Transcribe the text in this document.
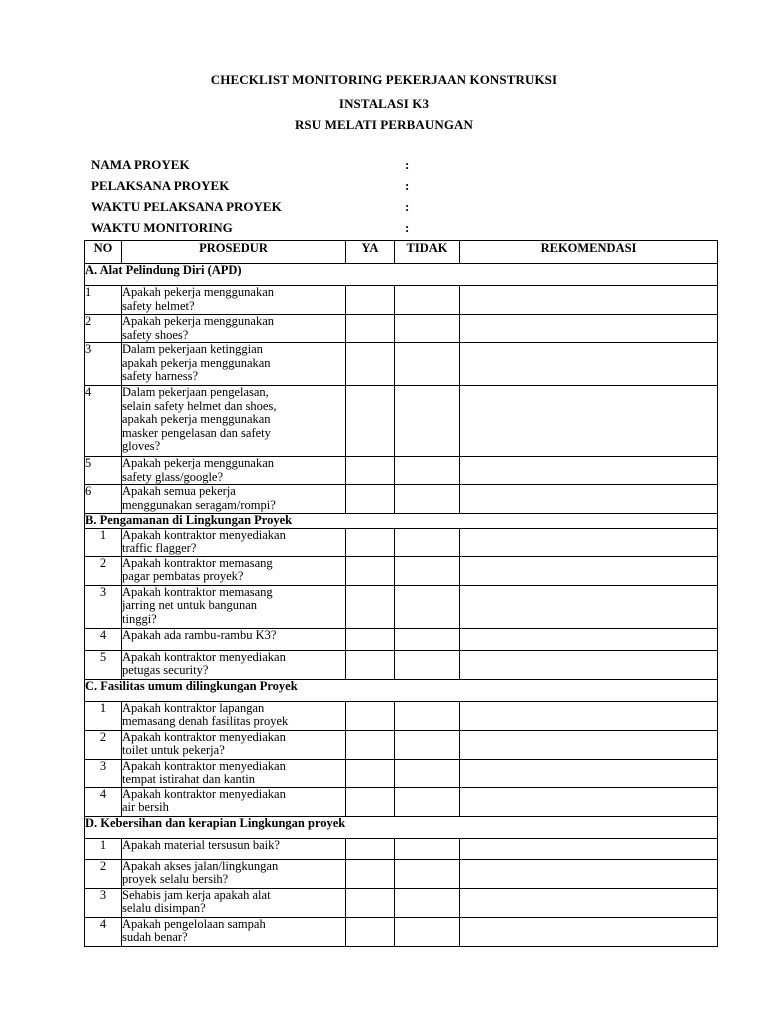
CHECKLIST MONITORING PEKERJAAN KONSTRUKSI
INSTALASI K3
RSU MELATI PERBAUNGAN
NAMA PROYEK	:
PELAKSANA PROYEK	:
WAKTU PELAKSANA PROYEK	:
WAKTU MONITORING	:
NO	PROSEDUR	YA	TIDAK	REKOMENDASI
A. Alat Pelindung Diri (APD)				
1	Apakah pekerja menggunakan
safety helmet?			

2	Apakah pekerja menggunakan
safety shoes?			

3	Dalam pekerjaan ketinggian
apakah pekerja menggunakan
safety harness?			

4	Dalam pekerjaan pengelasan,
selain safety helmet dan shoes,
apakah pekerja menggunakan
masker pengelasan dan safety
gloves?			

5	Apakah pekerja menggunakan
safety glass/google?			

6	Apakah semua pekerja
menggunakan seragam/rompi?			

B. Pengamanan di Lingkungan Proyek				
1	Apakah kontraktor menyediakan
traffic flagger?			

2	Apakah kontraktor memasang
pagar pembatas proyek?			

3	Apakah kontraktor memasang
jarring net untuk bangunan
tinggi?			

4	Apakah ada rambu-rambu K3?			

5	Apakah kontraktor menyediakan
petugas security?			

C. Fasilitas umum dilingkungan Proyek				
1	Apakah kontraktor lapangan
memasang denah fasilitas proyek			

2	Apakah kontraktor menyediakan
toilet untuk pekerja?			

3	Apakah kontraktor menyediakan
tempat istirahat dan kantin			

4	Apakah kontraktor menyediakan
air bersih			

D. Kebersihan dan kerapian Lingkungan proyek				
1	Apakah material tersusun baik?			

2	Apakah akses jalan/lingkungan
proyek selalu bersih?			

3	Sehabis jam kerja apakah alat
selalu disimpan?			

4	Apakah pengelolaan sampah
sudah benar?			
